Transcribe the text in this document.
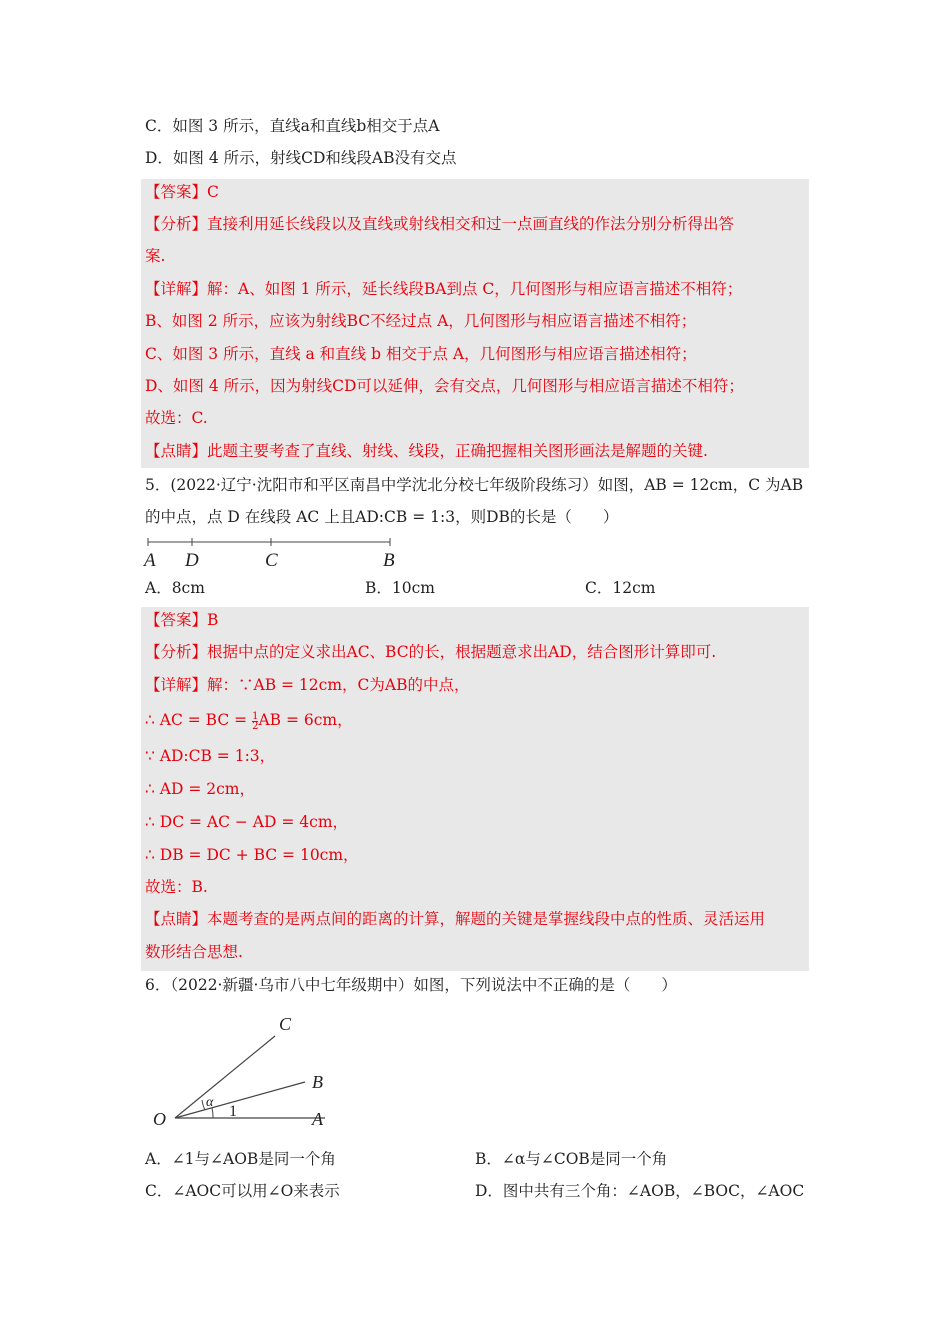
C．如图 3 所示，直线a和直线b相交于点A
D．如图 4 所示，射线CD和线段AB没有交点
【答案】C
【分析】直接利用延长线段以及直线或射线相交和过一点画直线的作法分别分析得出答
案.
【详解】解：A、如图 1 所示，延长线段BA到点 C，几何图形与相应语言描述不相符；
B、如图 2 所示，应该为射线BC不经过点 A，几何图形与相应语言描述不相符；
C、如图 3 所示，直线 a 和直线 b 相交于点 A，几何图形与相应语言描述相符；
D、如图 4 所示，因为射线CD可以延伸，会有交点，几何图形与相应语言描述不相符；
故选：C.
【点睛】此题主要考查了直线、射线、线段，正确把握相关图形画法是解题的关键.
5．(2022·辽宁·沈阳市和平区南昌中学沈北分校七年级阶段练习）如图，AB = 12cm，C 为AB
的中点，点 D 在线段 AC 上且AD:CB = 1:3，则DB的长是（　　）
A D	C	B
A．8cm	B．10cm	C．12cm
【答案】B
【分析】根据中点的定义求出AC、BC的长，根据题意求出AD，结合图形计算即可.
【详解】解：∵AB = 12cm，C为AB的中点，
∴ AC = BC = $\frac{1}{2}$ AB = 6cm，
∵ AD:CB = 1:3，
∴ AD = 2cm，
∴ DC = AC − AD = 4cm，
∴ DB = DC + BC = 10cm，
故选：B.
【点睛】本题考查的是两点间的距离的计算，解题的关键是掌握线段中点的性质、灵活运用
数形结合思想.
6．（2022·新疆·乌市八中七年级期中）如图，下列说法中不正确的是（　　）
C
B
A
O
α
1
A．∠1与∠AOB是同一个角	B．∠α与∠COB是同一个角
C．∠AOC可以用∠O来表示	D．图中共有三个角：∠AOB，∠BOC，∠AOC
